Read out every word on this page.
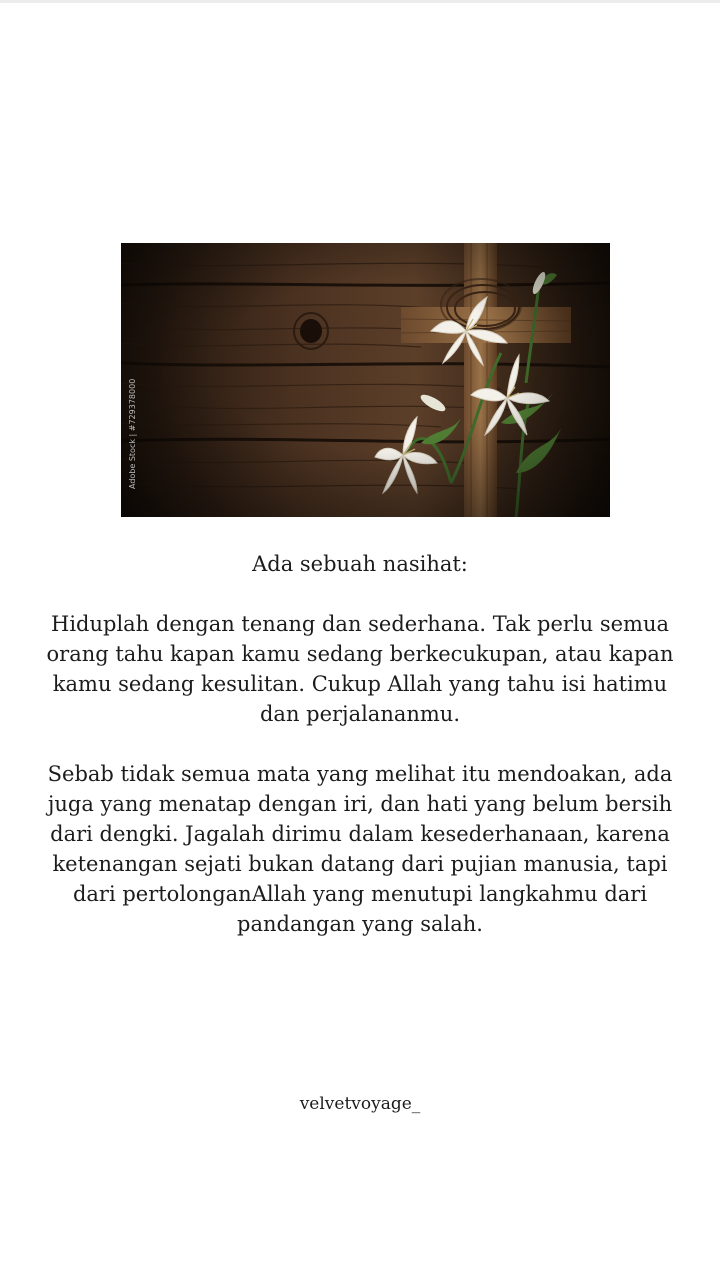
Adobe Stock | #729378000

Ada sebuah nasihat:

Hiduplah dengan tenang dan sederhana. Tak perlu semua orang tahu kapan kamu sedang berkecukupan, atau kapan kamu sedang kesulitan. Cukup Allah yang tahu isi hatimu dan perjalananmu.

Sebab tidak semua mata yang melihat itu mendoakan, ada juga yang menatap dengan iri, dan hati yang belum bersih dari dengki. Jagalah dirimu dalam kesederhanaan, karena ketenangan sejati bukan datang dari pujian manusia, tapi dari pertolonganAllah yang menutupi langkahmu dari pandangan yang salah.

velvetvoyage_
